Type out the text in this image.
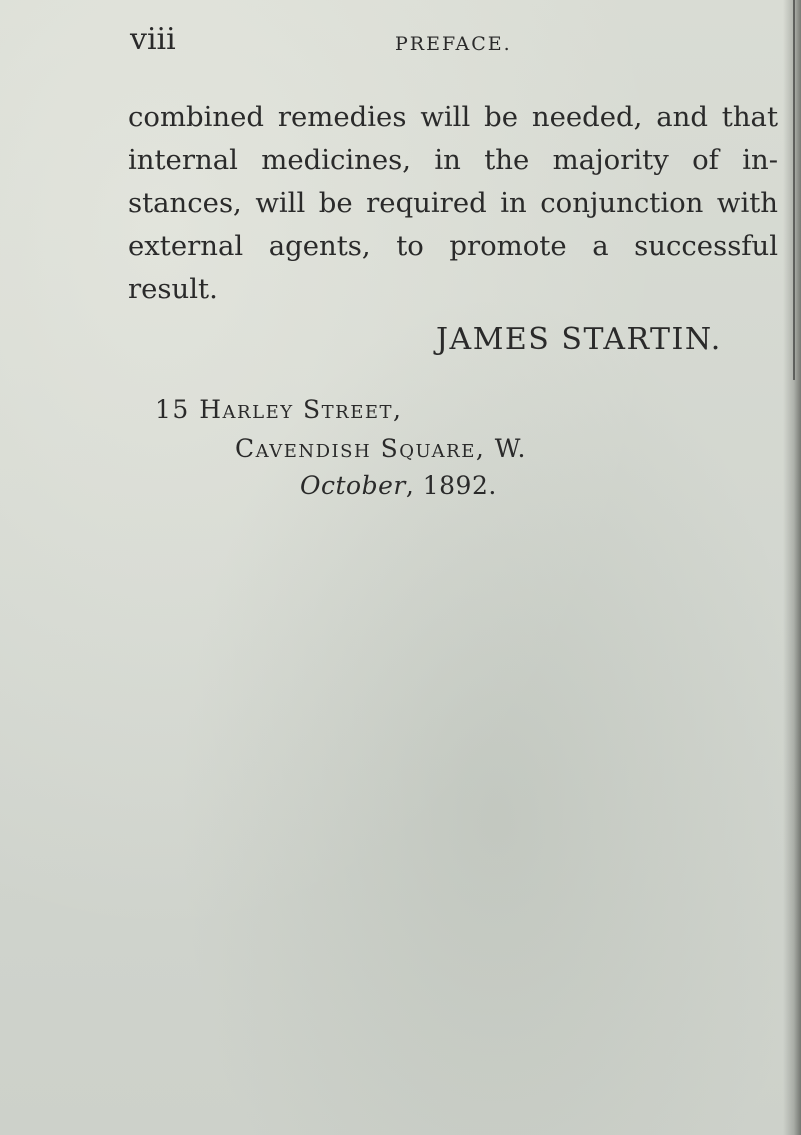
viii	PREFACE.

combined remedies will be needed, and that internal medicines, in the majority of in- stances, will be required in conjunction with external agents, to promote a successful result.

JAMES STARTIN.
15 Harley Street,
Cavendish Square, W.
October, 1892.
